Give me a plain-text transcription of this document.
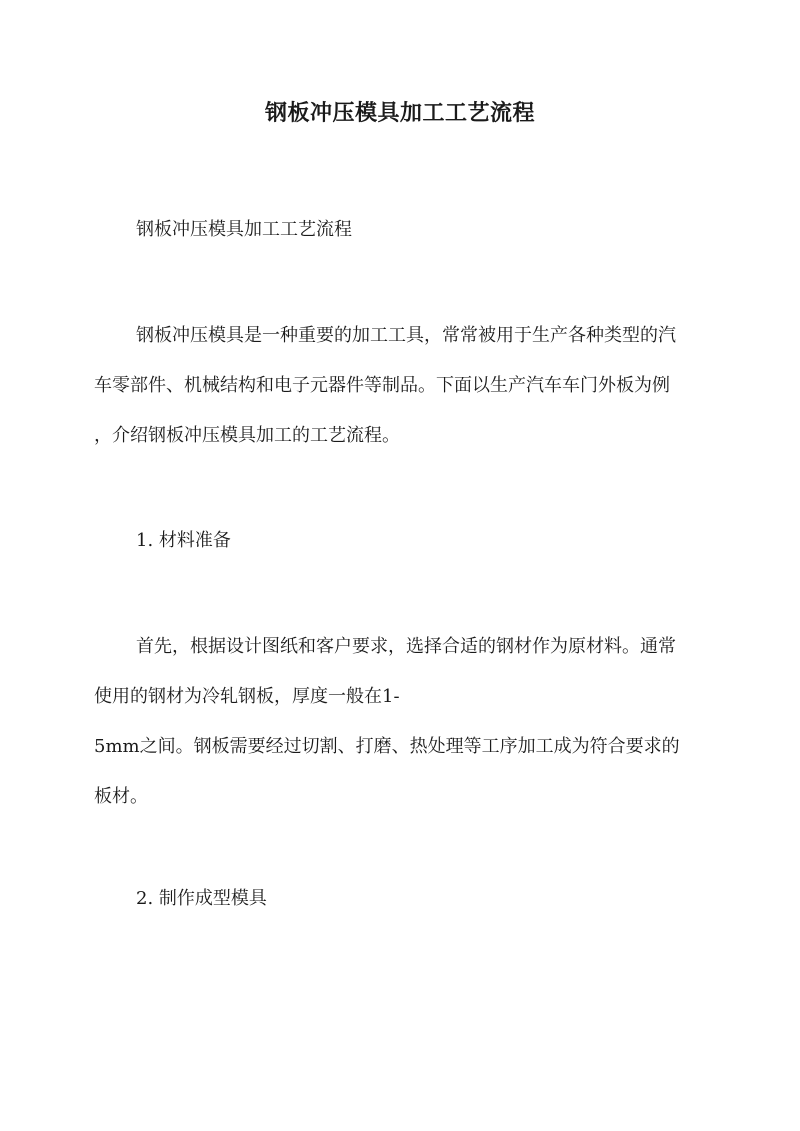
钢板冲压模具加工工艺流程
钢板冲压模具加工工艺流程
钢板冲压模具是一种重要的加工工具，常常被用于生产各种类型的汽
车零部件、机械结构和电子元器件等制品。下面以生产汽车车门外板为例
，介绍钢板冲压模具加工的工艺流程。
1. 材料准备
首先，根据设计图纸和客户要求，选择合适的钢材作为原材料。通常
使用的钢材为冷轧钢板，厚度一般在1-
5mm之间。钢板需要经过切割、打磨、热处理等工序加工成为符合要求的
板材。
2. 制作成型模具
